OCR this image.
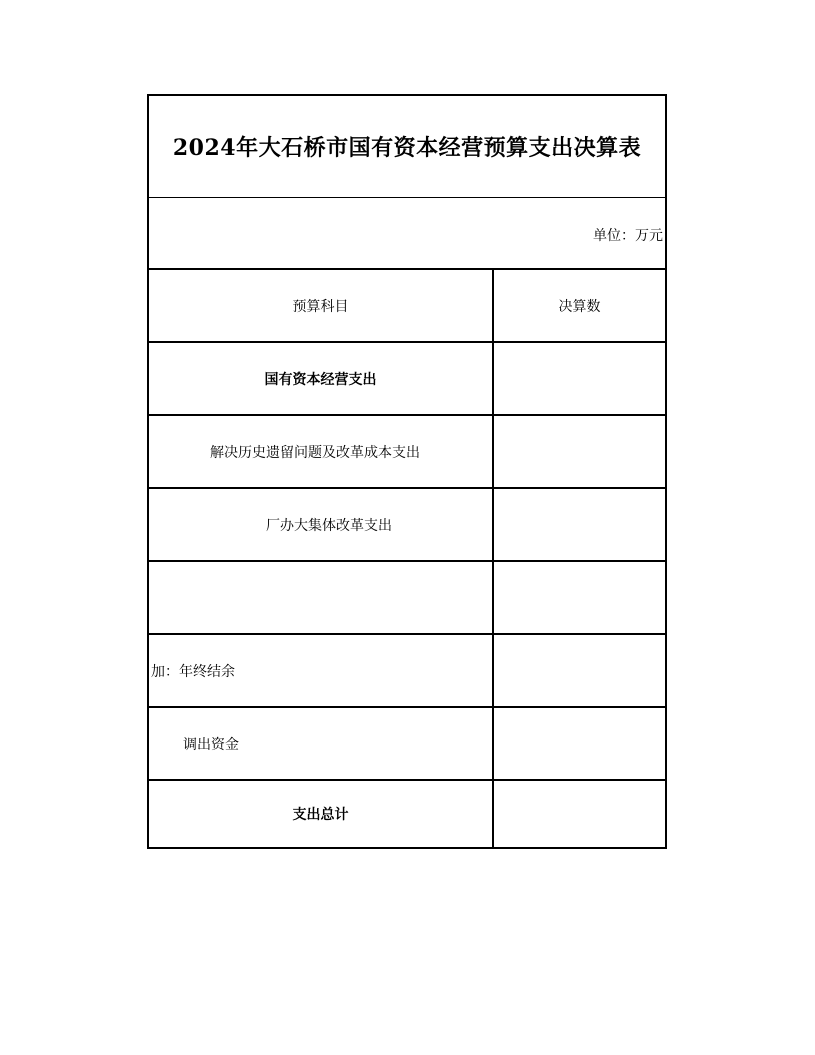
2024年大石桥市国有资本经营预算支出决算表
单位：万元
预算科目	决算数
国有资本经营支出
解决历史遗留问题及改革成本支出
厂办大集体改革支出
加：年终结余
调出资金
支出总计
